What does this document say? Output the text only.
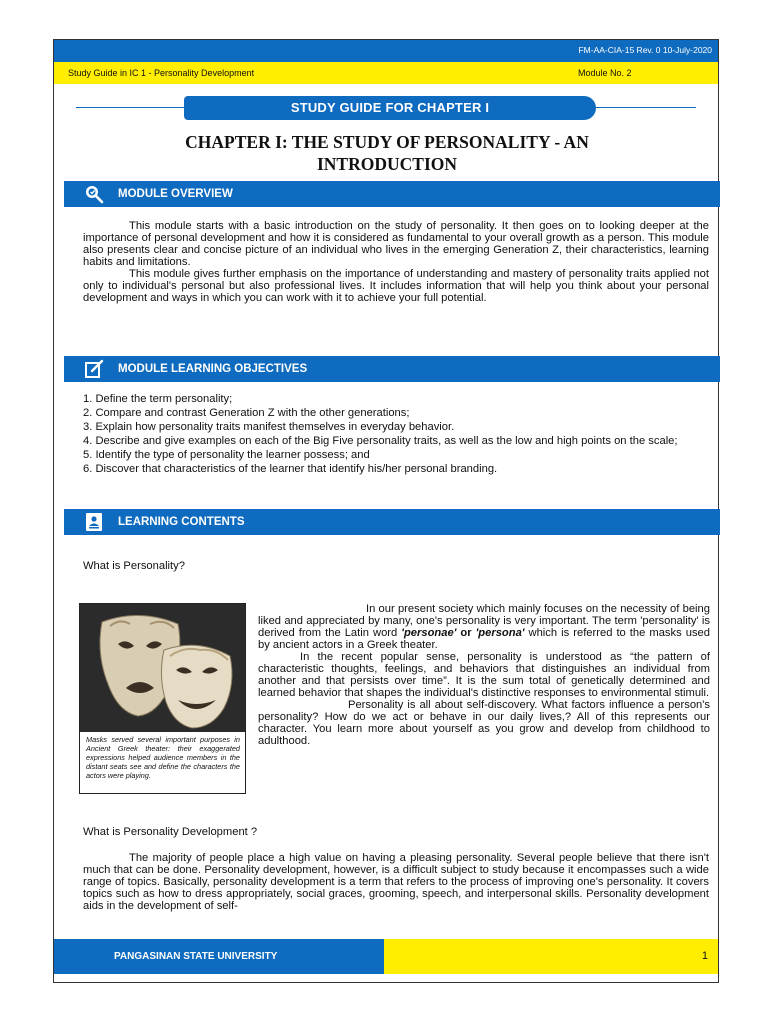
FM-AA-CIA-15 Rev. 0 10-July-2020
Study Guide in IC 1 - Personality Development	Module No. 2
STUDY GUIDE FOR CHAPTER I
CHAPTER I: THE STUDY OF PERSONALITY - AN INTRODUCTION
MODULE OVERVIEW

This module starts with a basic introduction on the study of personality. It then goes on to looking deeper at the importance of personal development and how it is considered as fundamental to your overall growth as a person. This module also presents clear and concise picture of an individual who lives in the emerging Generation Z, their characteristics, learning habits and limitations.

This module gives further emphasis on the importance of understanding and mastery of personality traits applied not only to individual's personal but also professional lives. It includes information that will help you think about your personal development and ways in which you can work with it to achieve your full potential.

MODULE LEARNING OBJECTIVES
1. Define the term personality;
2. Compare and contrast Generation Z with the other generations;
3. Explain how personality traits manifest themselves in everyday behavior.
4. Describe and give examples on each of the Big Five personality traits, as well as the low and high points on the scale;
5. Identify the type of personality the learner possess; and
6. Discover that characteristics of the learner that identify his/her personal branding.
LEARNING CONTENTS
What is Personality?
Masks served several important purposes in Ancient Greek theater: their exaggerated expressions helped audience members in the distant seats see and define the characters the actors were playing.

In our present society which mainly focuses on the necessity of being liked and appreciated by many, one's personality is very important. The term 'personality' is derived from the Latin word 'personae' or 'persona' which is referred to the masks used by ancient actors in a Greek theater.

In the recent popular sense, personality is understood as “the pattern of characteristic thoughts, feelings, and behaviors that distinguishes an individual from another and that persists over time”. It is the sum total of genetically determined and learned behavior that shapes the individual's distinctive responses to environmental stimuli.

Personality is all about self-discovery. What factors influence a person's personality? How do we act or behave in our daily lives,? All of this represents our character. You learn more about yourself as you grow and develop from childhood to adulthood.

What is Personality Development ?

The majority of people place a high value on having a pleasing personality. Several people believe that there isn't much that can be done. Personality development, however, is a difficult subject to study because it encompasses such a wide range of topics. Basically, personality development is a term that refers to the process of improving one's personality. It covers topics such as how to dress appropriately, social graces, grooming, speech, and interpersonal skills. Personality development aids in the development of self-

PANGASINAN STATE UNIVERSITY	1
